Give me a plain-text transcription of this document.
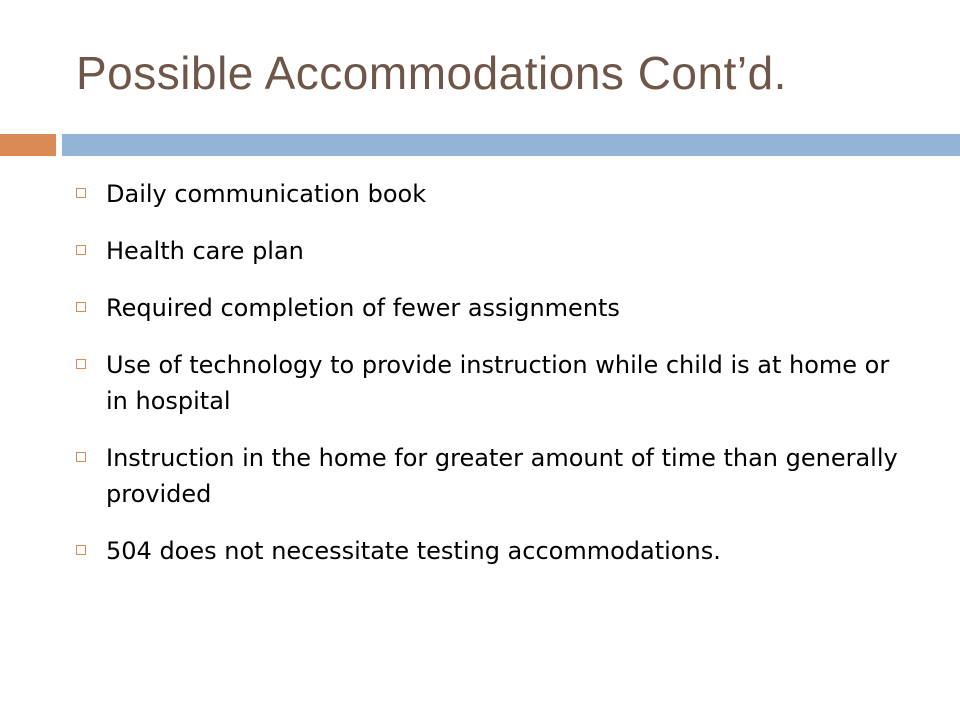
Possible Accommodations Cont’d.
Daily communication book
Health care plan
Required completion of fewer assignments
Use of technology to provide instruction while child is at home or in hospital
Instruction in the home for greater amount of time than generally provided
504 does not necessitate testing accommodations.
